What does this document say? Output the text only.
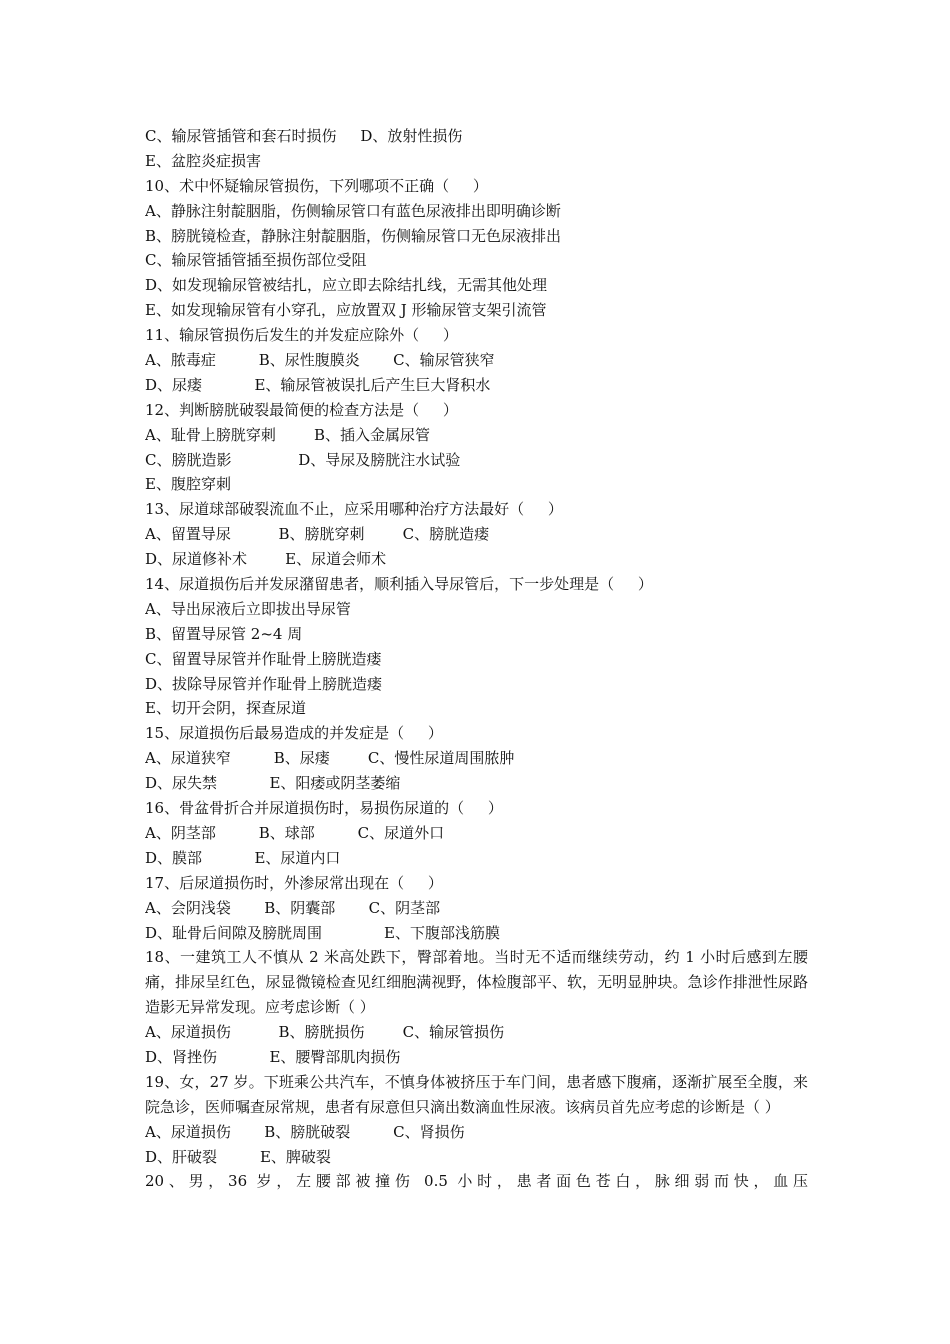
C、输尿管插管和套石时损伤     D、放射性损伤
E、盆腔炎症损害
10、术中怀疑输尿管损伤，下列哪项不正确（     ）
A、静脉注射靛胭脂，伤侧输尿管口有蓝色尿液排出即明确诊断
B、膀胱镜检查，静脉注射靛胭脂，伤侧输尿管口无色尿液排出
C、输尿管插管插至损伤部位受阻
D、如发现输尿管被结扎，应立即去除结扎线，无需其他处理
E、如发现输尿管有小穿孔，应放置双 J 形输尿管支架引流管
11、输尿管损伤后发生的并发症应除外（     ）
A、脓毒症         B、尿性腹膜炎       C、输尿管狭窄
D、尿瘘           E、输尿管被误扎后产生巨大肾积水
12、判断膀胱破裂最简便的检查方法是（     ）
A、耻骨上膀胱穿刺        B、插入金属尿管
C、膀胱造影              D、导尿及膀胱注水试验
E、腹腔穿刺
13、尿道球部破裂流血不止，应采用哪种治疗方法最好（     ）
A、留置导尿          B、膀胱穿刺        C、膀胱造瘘
D、尿道修补术        E、尿道会师术
14、尿道损伤后并发尿潴留患者，顺利插入导尿管后，下一步处理是（     ）
A、导出尿液后立即拔出导尿管
B、留置导尿管 2~4 周
C、留置导尿管并作耻骨上膀胱造瘘
D、拔除导尿管并作耻骨上膀胱造瘘
E、切开会阴，探查尿道
15、尿道损伤后最易造成的并发症是（     ）
A、尿道狭窄         B、尿瘘        C、慢性尿道周围脓肿
D、尿失禁           E、阳痿或阴茎萎缩
16、骨盆骨折合并尿道损伤时，易损伤尿道的（     ）
A、阴茎部         B、球部         C、尿道外口
D、膜部           E、尿道内口
17、后尿道损伤时，外渗尿常出现在（     ）
A、会阴浅袋       B、阴囊部       C、阴茎部
D、耻骨后间隙及膀胱周围             E、下腹部浅筋膜
18、一建筑工人不慎从 2 米高处跌下，臀部着地。当时无不适而继续劳动，约 1 小时后感到左腰痛，排尿呈红色，尿显微镜检查见红细胞满视野，体检腹部平、软，无明显肿块。急诊作排泄性尿路造影无异常发现。应考虑诊断（ ）
A、尿道损伤          B、膀胱损伤        C、输尿管损伤
D、肾挫伤           E、腰臀部肌肉损伤
19、女，27 岁。下班乘公共汽车，不慎身体被挤压于车门间，患者感下腹痛，逐渐扩展至全腹，来院急诊，医师嘱查尿常规，患者有尿意但只滴出数滴血性尿液。该病员首先应考虑的诊断是（ ）
A、尿道损伤       B、膀胱破裂         C、肾损伤
D、肝破裂         E、脾破裂
20、男，36 岁，左腰部被撞伤 0.5 小时，患者面色苍白，脉细弱而快，血压
